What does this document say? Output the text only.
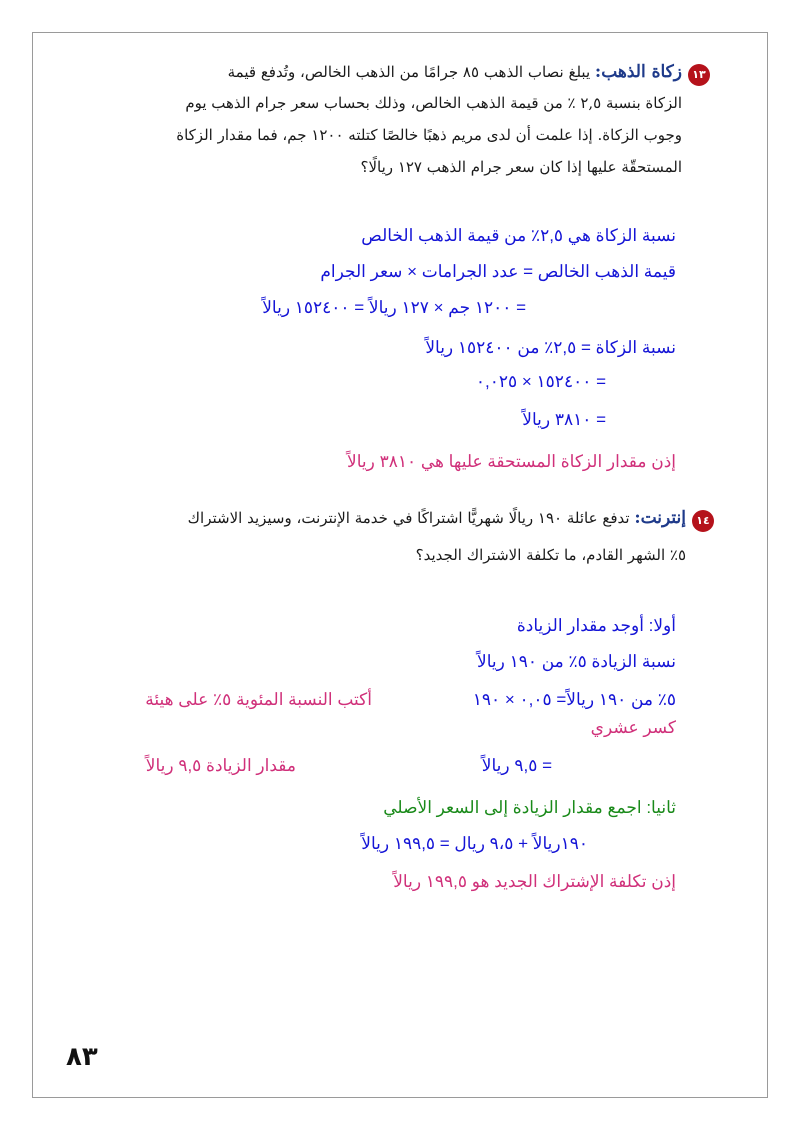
١٣
زكاة الذهب: يبلغ نصاب الذهب ٨٥ جرامًا من الذهب الخالص، وتُدفع قيمة
الزكاة بنسبة ٢,٥ ٪ من قيمة الذهب الخالص، وذلك بحساب سعر جرام الذهب يوم
وجوب الزكاة. إذا علمت أن لدى مريم ذهبًا خالصًا كتلته ١٢٠٠ جم، فما مقدار الزكاة
المستحقّة عليها إذا كان سعر جرام الذهب ١٢٧ ريالًا؟
نسبة الزكاة هي ٢,٥٪ من قيمة الذهب الخالص
قيمة الذهب الخالص = عدد الجرامات × سعر الجرام
= ١٢٠٠ جم × ١٢٧ ريالاً = ١٥٢٤٠٠ ريالاً
نسبة الزكاة = ٢,٥٪ من ١٥٢٤٠٠ ريالاً
= ١٥٢٤٠٠ × ٠,٠٢٥
= ٣٨١٠ ريالاً
إذن مقدار الزكاة المستحقة عليها هي ٣٨١٠ ريالاً
١٤
إنترنت: تدفع عائلة ١٩٠ ريالًا شهريًّا اشتراكًا في خدمة الإنترنت، وسيزيد الاشتراك
٥٪ الشهر القادم، ما تكلفة الاشتراك الجديد؟
أولا: أوجد مقدار الزيادة
نسبة الزيادة ٥٪ من ١٩٠ ريالاً
٥٪ من ١٩٠ ريالاً= ٠,٠٥ × ١٩٠
أكتب النسبة المئوية ٥٪ على هيئة
كسر عشري
= ٩,٥ ريالاً
مقدار الزيادة ٩,٥ ريالاً
ثانيا: اجمع مقدار الزيادة إلى السعر الأصلي
١٩٠ريالاً + ٩،٥ ريال = ١٩٩,٥ ريالاً
إذن تكلفة الإشتراك الجديد هو ١٩٩,٥ ريالاً
٨٣
